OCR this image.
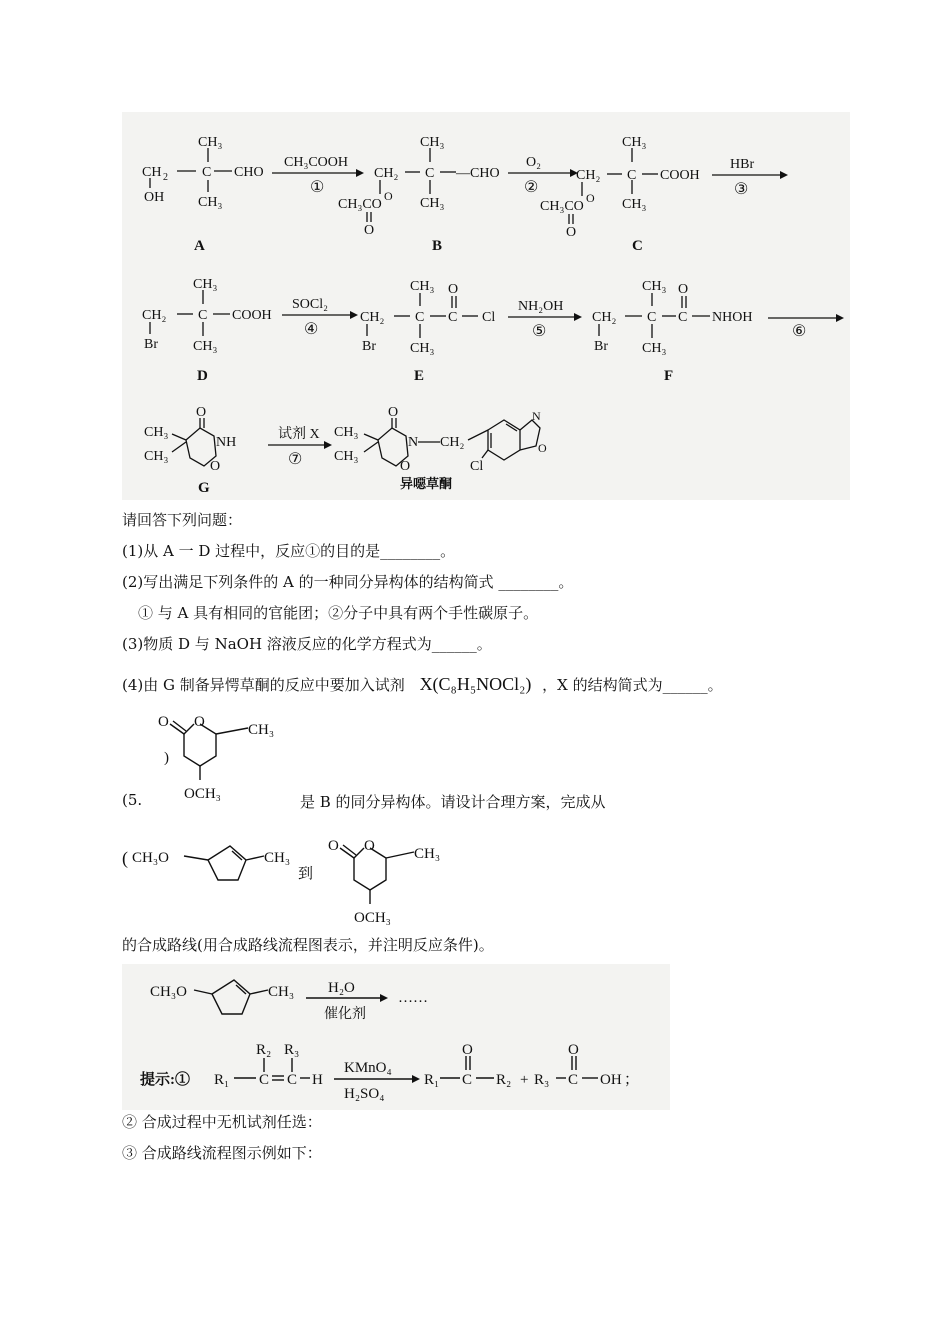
CH₃
CH 2 C CHO
OH CH₃
A
CH₃COOH
①
CH₃
CH₂ C —CHO
CH₃CO
O
O
CH₃
B
O₂
②
CH₃
CH₂ C COOH
CH₃CO
O
O
CH₃
C
HBr
③
CH₃
CH₂ C COOH
Br	CH₃
D
SOCl₂
④
CH₃
CH₂ C C
O
Cl
Br CH₃
E
NH₂OH
⑤
CH₃
CH₂ C C
O
NHOH
Br CH₃
F
⑥
O
CH₃
NH
CH₃
O
G
试剂 X
⑦
O
CH₃
N
CH₃
O
CH₂
N
O
Cl
异噁草酮
请回答下列问题：
(1)从 A 一 D 过程中，反应①的目的是________。
(2)写出满足下列条件的 A 的一种同分异构体的结构简式 ________。
① 与 A 具有相同的官能团；②分子中具有两个手性碳原子。
(3)物质 D 与 NaOH 溶液反应的化学方程式为______。
(4)由 G 制备异愕草酮的反应中要加入试剂 X(C₈H₅NOCl₂) ，X 的结构简式为______。
O O	CH₃
)
OCH₃
(5.	是 B 的同分异构体。请设计合理方案，完成从
( CH₃O	CH₃
到
O O	CH₃
OCH₃
的合成路线(用合成路线流程图表示，并注明反应条件)。
CH₃O	CH₃ H₂O
催化剂
……
提示:①
R₂ R₃
R₁ C C H
KMnO₄
H₂SO₄
R₁ C
O
R₂ + R₃ C
O
OH ；
② 合成过程中无机试剂任选：
③ 合成路线流程图示例如下：
